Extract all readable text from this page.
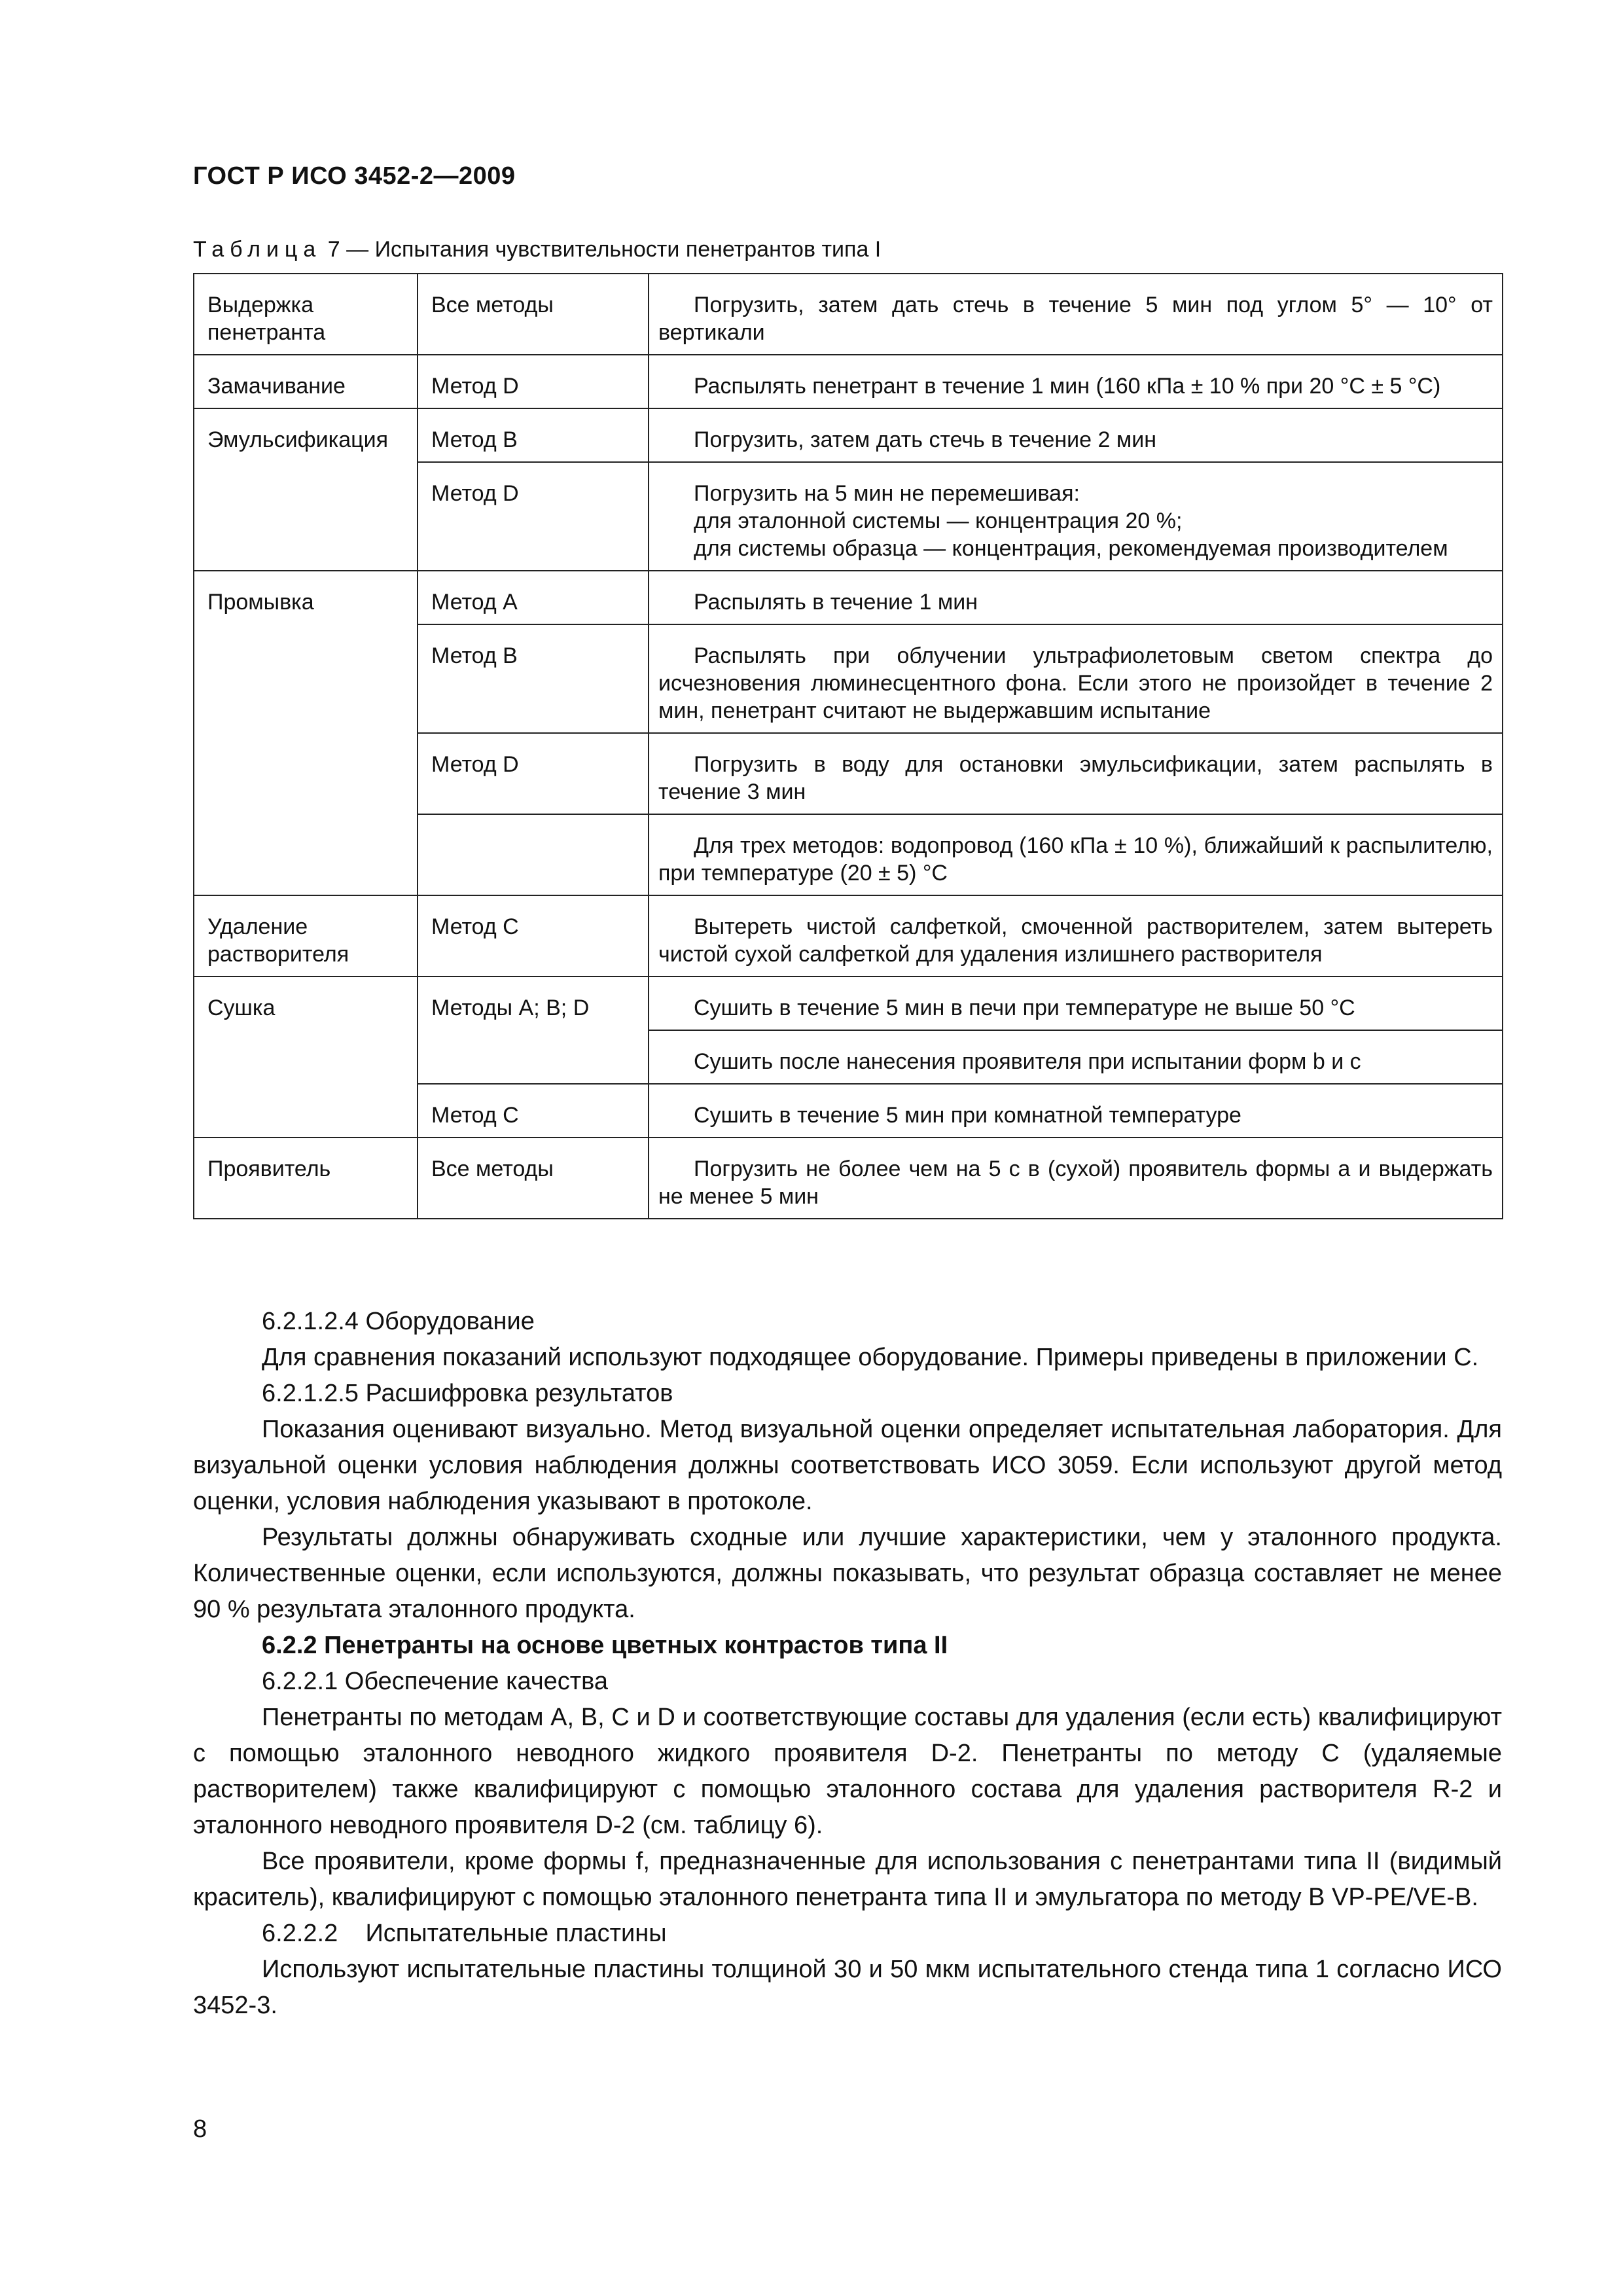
ГОСТ Р ИСО 3452-2—2009
Таблица 7 — Испытания чувствительности пенетрантов типа I
Выдержка пенетранта	Все методы	Погрузить, затем дать стечь в течение 5 мин под углом 5° — 10° от вертикали

Замачивание	Метод D	Распылять пенетрант в течение 1 мин (160 кПа ± 10 % при 20 °С ± 5 °С)

Эмульсификация	Метод В	Погрузить, затем дать стечь в течение 2 мин

	Метод D	Погрузить на 5 мин не перемешивая:
для эталонной системы — концентрация 20 %;
для системы образца — концентрация, рекомендуемая производителем

Промывка	Метод А	Распылять в течение 1 мин

	Метод В	Распылять при облучении ультрафиолетовым светом спектра до исчезновения люминесцентного фона. Если этого не произойдет в течение 2 мин, пенетрант считают не выдержавшим испытание

	Метод D	Погрузить в воду для остановки эмульсификации, затем распылять в течение 3 мин

		Для трех методов: водопровод (160 кПа ± 10 %), ближайший к распылителю, при температуре (20 ± 5) °С

Удаление растворителя	Метод С	Вытереть чистой салфеткой, смоченной растворителем, затем вытереть чистой сухой салфеткой для удаления излишнего растворителя

Сушка	Методы А; В; D	Сушить в течение 5 мин в печи при температуре не выше 50 °С

		Сушить после нанесения проявителя при испытании форм b и с

	Метод С	Сушить в течение 5 мин при комнатной температуре

Проявитель	Все методы	Погрузить не более чем на 5 с в (сухой) проявитель формы а и выдержать не менее 5 мин

6.2.1.2.4 Оборудование

Для сравнения показаний используют подходящее оборудование. Примеры приведены в приложении С.

6.2.1.2.5 Расшифровка результатов

Показания оценивают визуально. Метод визуальной оценки определяет испытательная лаборатория. Для визуальной оценки условия наблюдения должны соответствовать ИСО 3059. Если используют другой метод оценки, условия наблюдения указывают в протоколе.

Результаты должны обнаруживать сходные или лучшие характеристики, чем у эталонного продукта. Количественные оценки, если используются, должны показывать, что результат образца составляет не менее 90 % результата эталонного продукта.

6.2.2 Пенетранты на основе цветных контрастов типа II

6.2.2.1 Обеспечение качества

Пенетранты по методам А, В, С и D и соответствующие составы для удаления (если есть) квалифицируют с помощью эталонного неводного жидкого проявителя D-2. Пенетранты по методу С (удаляемые растворителем) также квалифицируют с помощью эталонного состава для удаления растворителя R-2 и эталонного неводного проявителя D-2 (см. таблицу 6).

Все проявители, кроме формы f, предназначенные для использования с пенетрантами типа II (видимый краситель), квалифицируют с помощью эталонного пенетранта типа II и эмульгатора по методу В VP-PE/VE-B.

6.2.2.2    Испытательные пластины

Используют испытательные пластины толщиной 30 и 50 мкм испытательного стенда типа 1 согласно ИСО 3452-3.

8
